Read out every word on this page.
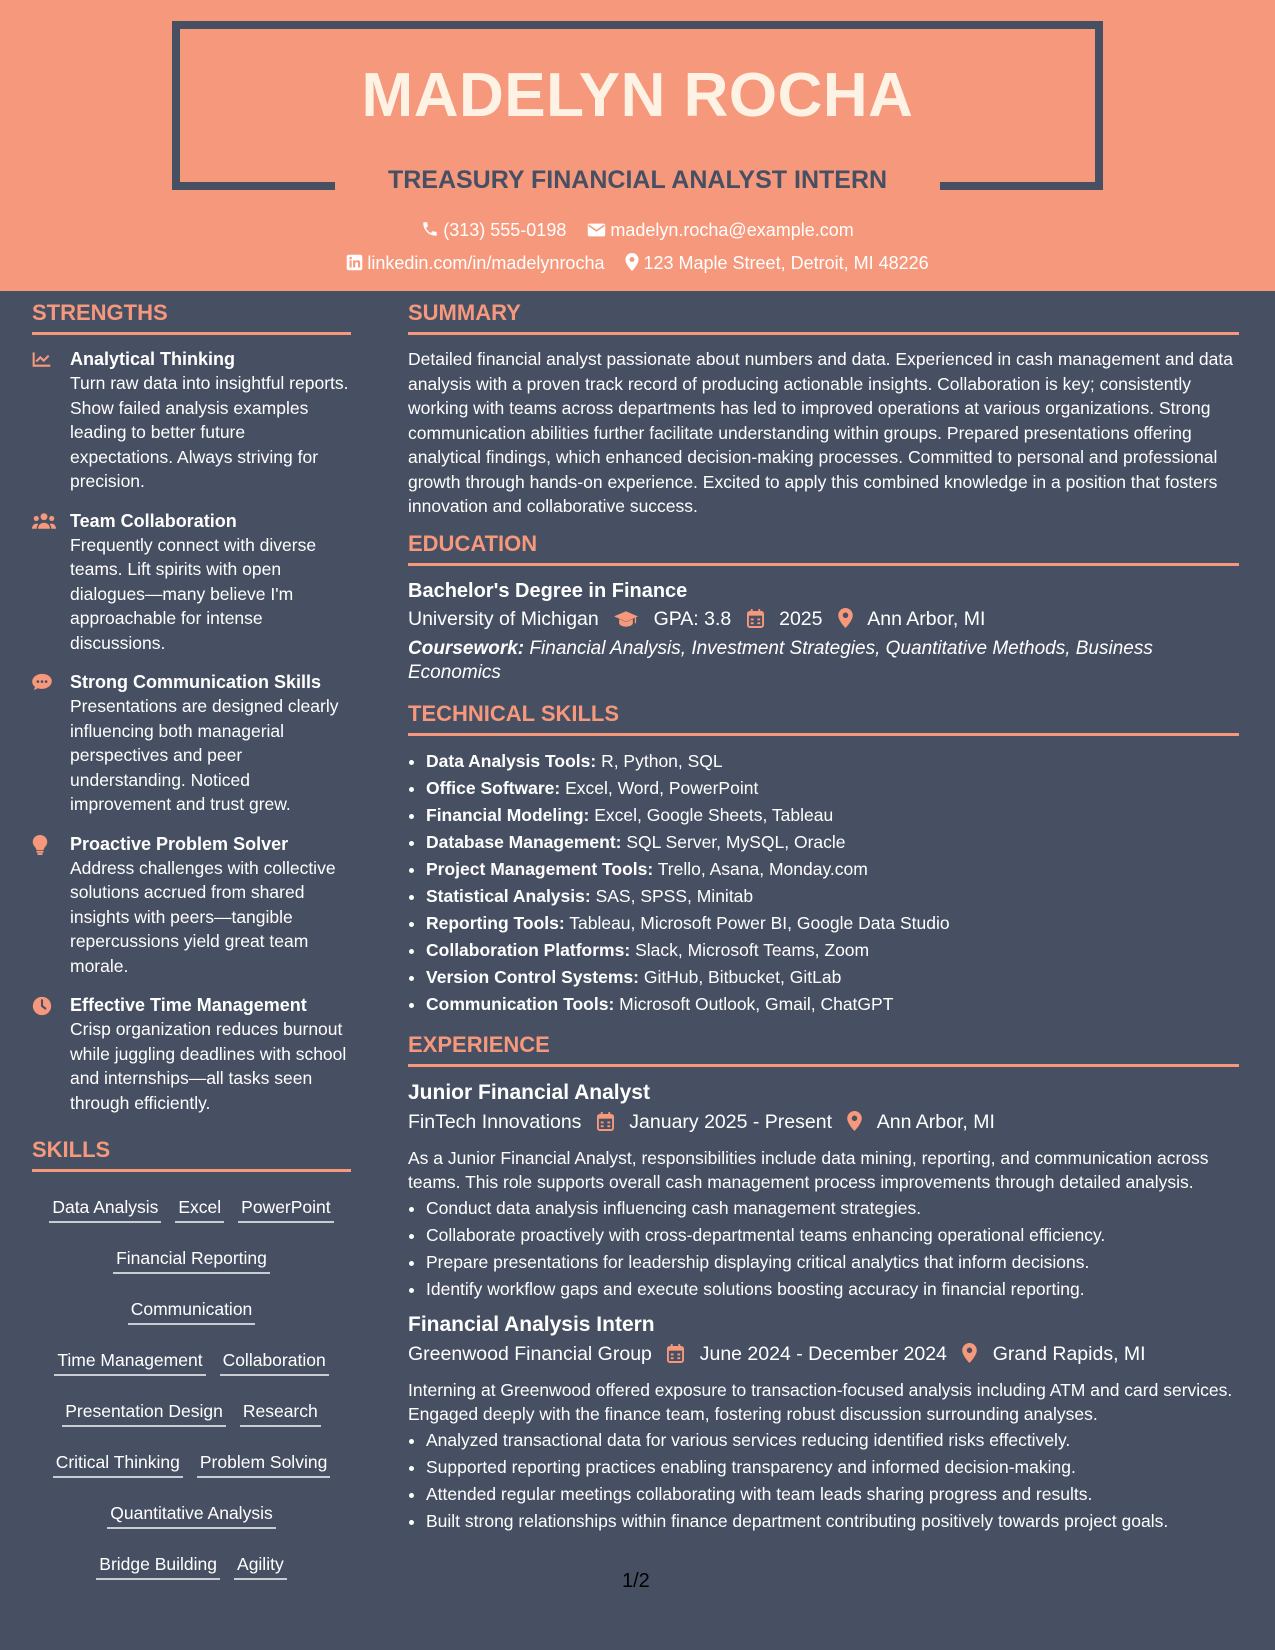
MADELYN ROCHA
TREASURY FINANCIAL ANALYST INTERN
(313) 555-0198 madelyn.rocha@example.com
linkedin.com/in/madelynrocha 123 Maple Street, Detroit, MI 48226
STRENGTHS
Analytical Thinking
Turn raw data into insightful reports. Show failed analysis examples leading to better future expectations. Always striving for precision.
Team Collaboration
Frequently connect with diverse teams. Lift spirits with open dialogues—many believe I'm approachable for intense discussions.
Strong Communication Skills
Presentations are designed clearly influencing both managerial perspectives and peer understanding. Noticed improvement and trust grew.
Proactive Problem Solver
Address challenges with collective solutions accrued from shared insights with peers—tangible repercussions yield great team morale.
Effective Time Management
Crisp organization reduces burnout while juggling deadlines with school and internships—all tasks seen through efficiently.
SKILLS
Data Analysis Excel PowerPoint
Financial Reporting
Communication
Time Management Collaboration
Presentation Design Research
Critical Thinking Problem Solving
Quantitative Analysis
Bridge Building Agility
SUMMARY
Detailed financial analyst passionate about numbers and data. Experienced in cash management and data analysis with a proven track record of producing actionable insights. Collaboration is key; consistently working with teams across departments has led to improved operations at various organizations. Strong communication abilities further facilitate understanding within groups. Prepared presentations offering analytical findings, which enhanced decision-making processes. Committed to personal and professional growth through hands-on experience. Excited to apply this combined knowledge in a position that fosters innovation and collaborative success.
EDUCATION
Bachelor's Degree in Finance
University of Michigan	GPA: 3.8 2025 Ann Arbor, MI
Coursework: Financial Analysis, Investment Strategies, Quantitative Methods, Business Economics
TECHNICAL SKILLS
• Data Analysis Tools: R, Python, SQL
• Office Software: Excel, Word, PowerPoint
• Financial Modeling: Excel, Google Sheets, Tableau
• Database Management: SQL Server, MySQL, Oracle
• Project Management Tools: Trello, Asana, Monday.com
• Statistical Analysis: SAS, SPSS, Minitab
• Reporting Tools: Tableau, Microsoft Power BI, Google Data Studio
• Collaboration Platforms: Slack, Microsoft Teams, Zoom
• Version Control Systems: GitHub, Bitbucket, GitLab
• Communication Tools: Microsoft Outlook, Gmail, ChatGPT
EXPERIENCE
Junior Financial Analyst
FinTech Innovations January 2025 - Present Ann Arbor, MI
As a Junior Financial Analyst, responsibilities include data mining, reporting, and communication across teams. This role supports overall cash management process improvements through detailed analysis.
• Conduct data analysis influencing cash management strategies.
• Collaborate proactively with cross-departmental teams enhancing operational efficiency.
• Prepare presentations for leadership displaying critical analytics that inform decisions.
• Identify workflow gaps and execute solutions boosting accuracy in financial reporting.
Financial Analysis Intern
Greenwood Financial Group June 2024 - December 2024 Grand Rapids, MI
Interning at Greenwood offered exposure to transaction-focused analysis including ATM and card services. Engaged deeply with the finance team, fostering robust discussion surrounding analyses.
• Analyzed transactional data for various services reducing identified risks effectively.
• Supported reporting practices enabling transparency and informed decision-making.
• Attended regular meetings collaborating with team leads sharing progress and results.
• Built strong relationships within finance department contributing positively towards project goals.
1/2
